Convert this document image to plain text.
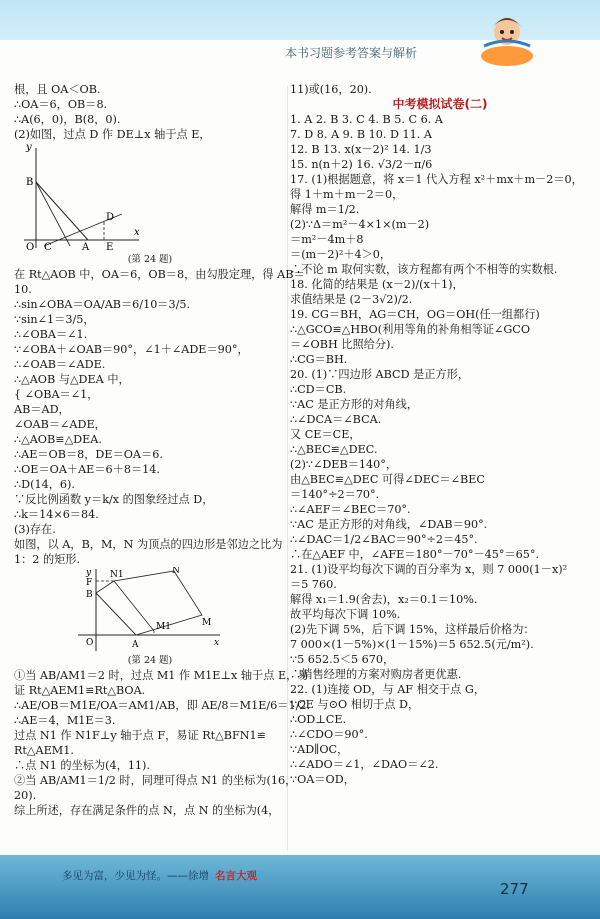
本书习题参考答案与解析

根，且 OA＜OB.

∴OA＝6，OB＝8.

∴A(6，0)，B(8，0).

(2)如图，过点 D 作 DE⊥x 轴于点 E，

y
x
B
D
O C	A E

(第 24 题)

在 Rt△AOB 中，OA＝6，OB＝8，由勾股定理，得 AB＝

10.

∴sin∠OBA＝OA/AB＝6/10＝3/5.

∵sin∠1＝3/5，

∴∠OBA＝∠1.

∵∠OBA＋∠OAB＝90°，∠1＋∠ADE＝90°，

∴∠OAB＝∠ADE.

∴△AOB 与△DEA 中，

{ ∠OBA＝∠1，

AB＝AD，

∠OAB＝∠ADE，

∴△AOB≌△DEA.

∴AE＝OB＝8，DE＝OA＝6.

∴OE＝OA＋AE＝6＋8＝14.

∴D(14，6).

∵反比例函数 y＝k/x 的图象经过点 D，

∴k＝14×6＝84.

(3)存在.

如图，以 A，B，M，N 为顶点的四边形是邻边之比为

1：2 的矩形.

y
x
N1	N
F
B
M1
O	A
M

(第 24 题)

①当 AB/AM1＝2 时，过点 M1 作 M1E⊥x 轴于点 E，易

证 Rt△AEM1≌Rt△BOA.

∴AE/OB＝M1E/OA＝AM1/AB，即 AE/8＝M1E/6＝1/2.

∴AE＝4，M1E＝3.

过点 N1 作 N1F⊥y 轴于点 F，易证 Rt△BFN1≌

Rt△AEM1.

∴点 N1 的坐标为(4，11).

②当 AB/AM1＝1/2 时，同理可得点 N1 的坐标为(16，

20).

综上所述，存在满足条件的点 N，点 N 的坐标为(4，

11)或(16，20).

中考模拟试卷(二)

1. A 2. B 3. C 4. B 5. C 6. A

7. D 8. A 9. B 10. D 11. A

12. B 13. x(x－2)² 14. 1/3

15. n(n＋2) 16. √3/2－π/6

17. (1)根据题意，将 x＝1 代入方程 x²＋mx＋m－2＝0，

得 1＋m＋m－2＝0，

解得 m＝1/2.

(2)∵Δ＝m²－4×1×(m－2)

＝m²－4m＋8

＝(m－2)²＋4＞0，

∴不论 m 取何实数，该方程都有两个不相等的实数根.

18. 化简的结果是 (x－2)/(x＋1)，

求值结果是 (2－3√2)/2.

19. CG＝BH，AG＝CH，OG＝OH(任一组都行)

∴△GCO≌△HBO(利用等角的补角相等证∠GCO

＝∠OBH 比照给分).

∴CG＝BH.

20. (1)∵四边形 ABCD 是正方形，

∴CD＝CB.

∵AC 是正方形的对角线，

∴∠DCA＝∠BCA.

又 CE＝CE，

∴△BEC≌△DEC.

(2)∵∠DEB＝140°，

由△BEC≌△DEC 可得∠DEC＝∠BEC

＝140°÷2＝70°.

∴∠AEF＝∠BEC＝70°.

∵AC 是正方形的对角线，∠DAB＝90°.

∴∠DAC＝1/2∠BAC＝90°÷2＝45°.

∴在△AEF 中，∠AFE＝180°－70°－45°＝65°.

21. (1)设平均每次下调的百分率为 x，则 7 000(1－x)²

＝5 760.

解得 x₁＝1.9(舍去)，x₂＝0.1＝10%.

故平均每次下调 10%.

(2)先下调 5%，后下调 15%，这样最后价格为：

7 000×(1－5%)×(1－15%)＝5 652.5(元/m²).

∵5 652.5＜5 670，

∴销售经理的方案对购房者更优惠.

22. (1)连接 OD，与 AF 相交于点 G，

∵CE 与⊙O 相切于点 D，

∴OD⊥CE.

∴∠CDO＝90°.

∵AD∥OC，

∴∠ADO＝∠1，∠DAO＝∠2.

∵OA＝OD，

多见为富，少见为怪。——徐增 名言大观
277
